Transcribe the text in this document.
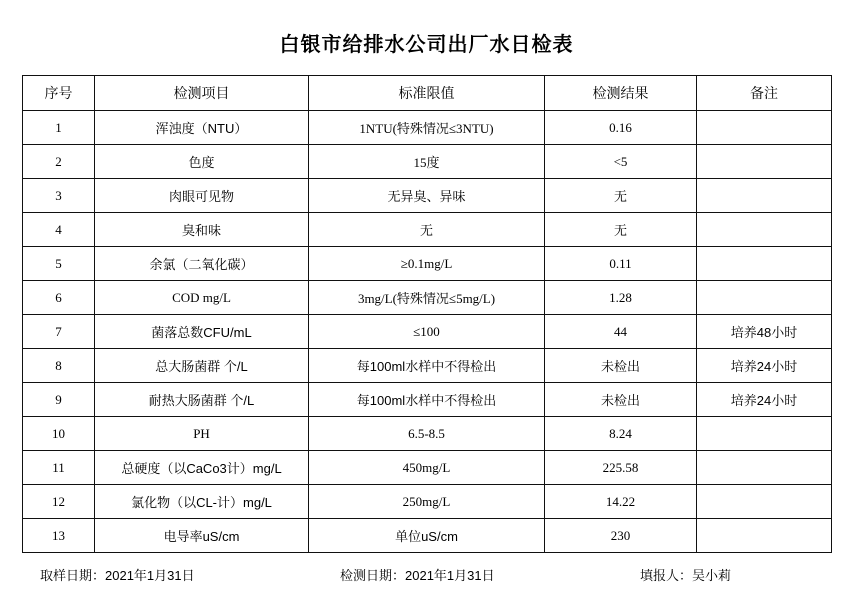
白银市给排水公司出厂水日检表
序号	检测项目	标准限值	检测结果	备注
1	浑浊度（NTU）	1NTU(特殊情况≤3NTU)	0.16	
2	色度	15度	<5	
3	肉眼可见物	无异臭、异味	无	
4	臭和味	无	无	
5	余氯（二氧化碳）	≥0.1mg/L	0.11	
6	COD mg/L	3mg/L(特殊情况≤5mg/L)	1.28	
7	菌落总数CFU/mL	≤100	44	培养48小时
8	总大肠菌群 个/L	每100ml水样中不得检出	未检出	培养24小时
9	耐热大肠菌群 个/L	每100ml水样中不得检出	未检出	培养24小时
10	PH	6.5-8.5	8.24	
11	总硬度（以CaCo3计）mg/L	450mg/L	225.58	
12	氯化物（以CL-计）mg/L	250mg/L	14.22	
13	电导率uS/cm	单位uS/cm	230	
取样日期：2021年1月31日	检测日期：2021年1月31日	填报人：吴小莉
